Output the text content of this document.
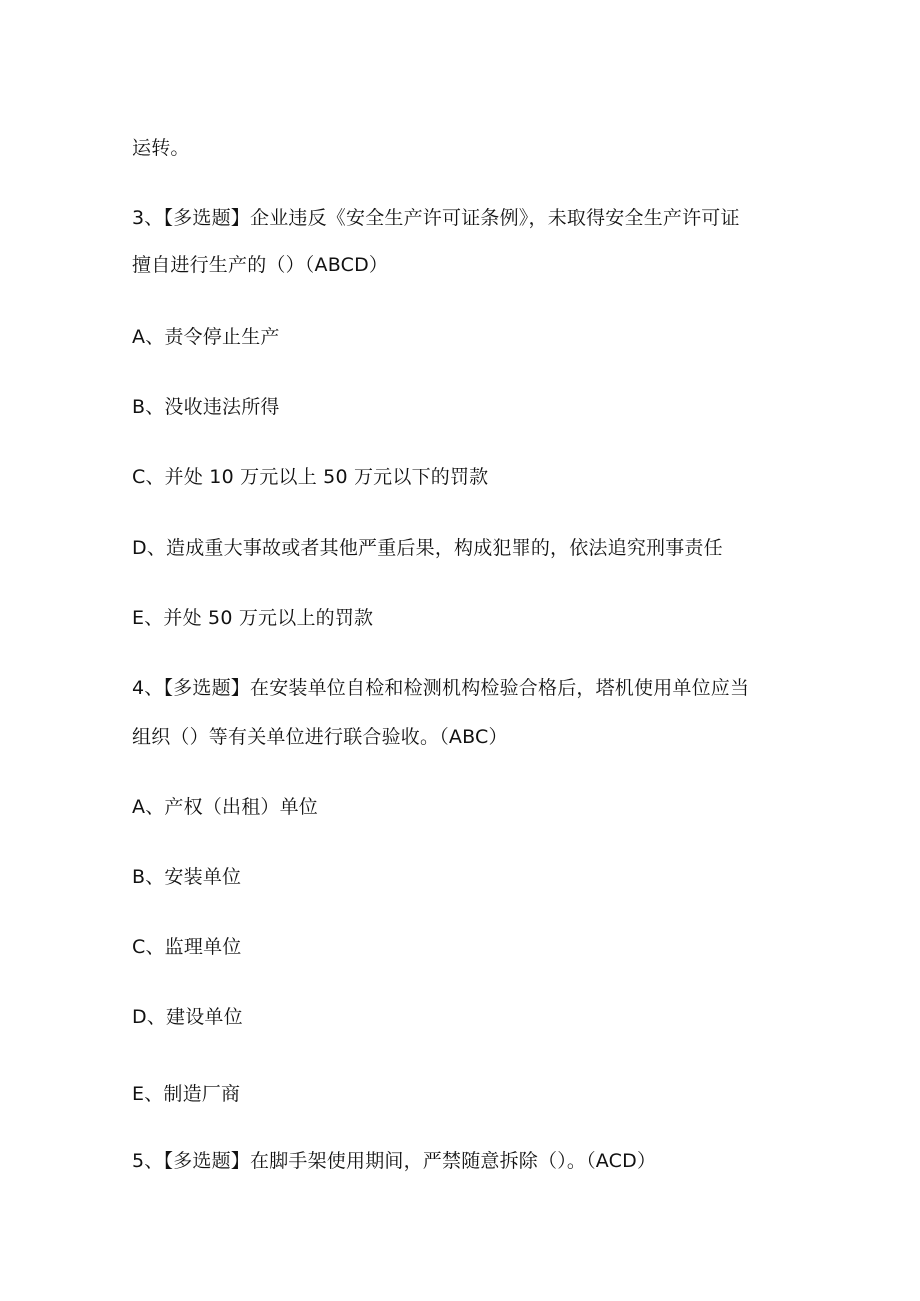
运转。

3、【多选题】企业违反《安全生产许可证条例》，未取得安全生产许可证

擅自进行生产的（）（ABCD）

A、责令停止生产

B、没收违法所得

C、并处 10 万元以上 50 万元以下的罚款

D、造成重大事故或者其他严重后果，构成犯罪的，依法追究刑事责任

E、并处 50 万元以上的罚款

4、【多选题】在安装单位自检和检测机构检验合格后，塔机使用单位应当

组织（）等有关单位进行联合验收。（ABC）

A、产权（出租）单位

B、安装单位

C、监理单位

D、建设单位

E、制造厂商

5、【多选题】在脚手架使用期间，严禁随意拆除（）。（ACD）
